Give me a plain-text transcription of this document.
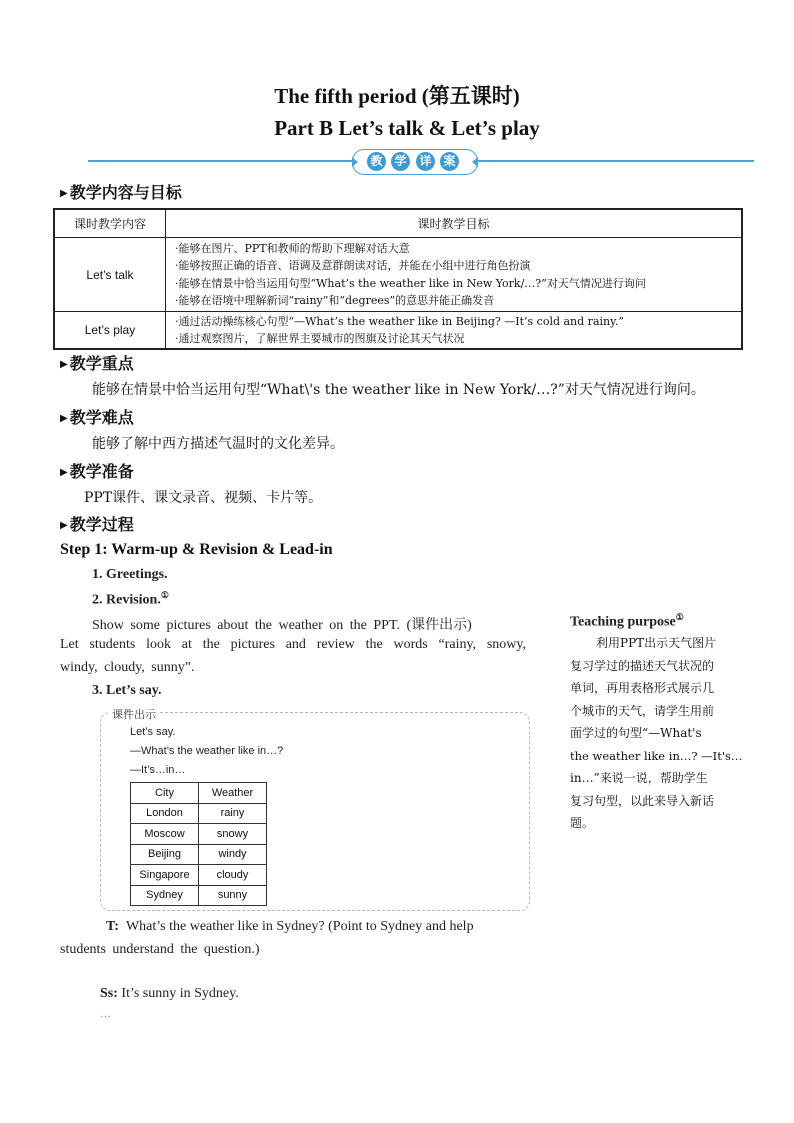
The fifth period (第五课时)
Part B Let’s talk & Let’s play
教 学 详 案
▶ 教学内容与目标
课时教学内容	课时教学目标
Let’s talk	·能够在图片、PPT和教师的帮助下理解对话大意
·能够按照正确的语音、语调及意群朗读对话，并能在小组中进行角色扮演
·能够在情景中恰当运用句型“What’s the weather like in New York/…?”对天气情况进行询问
·能够在语境中理解新词“rainy”和“degrees”的意思并能正确发音

Let’s play	·通过活动操练核心句型“—What’s the weather like in Beijing? —It’s cold and rainy.”
·通过观察图片，了解世界主要城市的图旗及讨论其天气状况
▶ 教学重点
能够在情景中恰当运用句型“What\'s the weather like in New York/…?”对天气情况进行询问。
▶ 教学难点
能够了解中西方描述气温时的文化差异。
▶ 教学准备
PPT课件、课文录音、视频、卡片等。
▶ 教学过程
Step 1: Warm-up & Revision & Lead-in
1. Greetings.
2. Revision.①
Show some pictures about the weather on the PPT. (课件出示)
Let students look at the pictures and review the words “rainy, snowy,
windy, cloudy, sunny”.
3. Let’s say.
课件出示
Let’s say.
—What’s the weather like in…?
—It’s…in…
City	Weather
London	rainy
Moscow	snowy
Beijing	windy
Singapore	cloudy
Sydney	sunny
T: What’s the weather like in Sydney? (Point to Sydney and help
students understand the question.)
Ss: It’s sunny in Sydney.
…
Teaching purpose①
利用PPT出示天气图片
复习学过的描述天气状况的
单词，再用表格形式展示几
个城市的天气，请学生用前
面学过的句型“—What's
the weather like in…? —It's…
in…”来说一说，帮助学生
复习句型，以此来导入新话
题。
